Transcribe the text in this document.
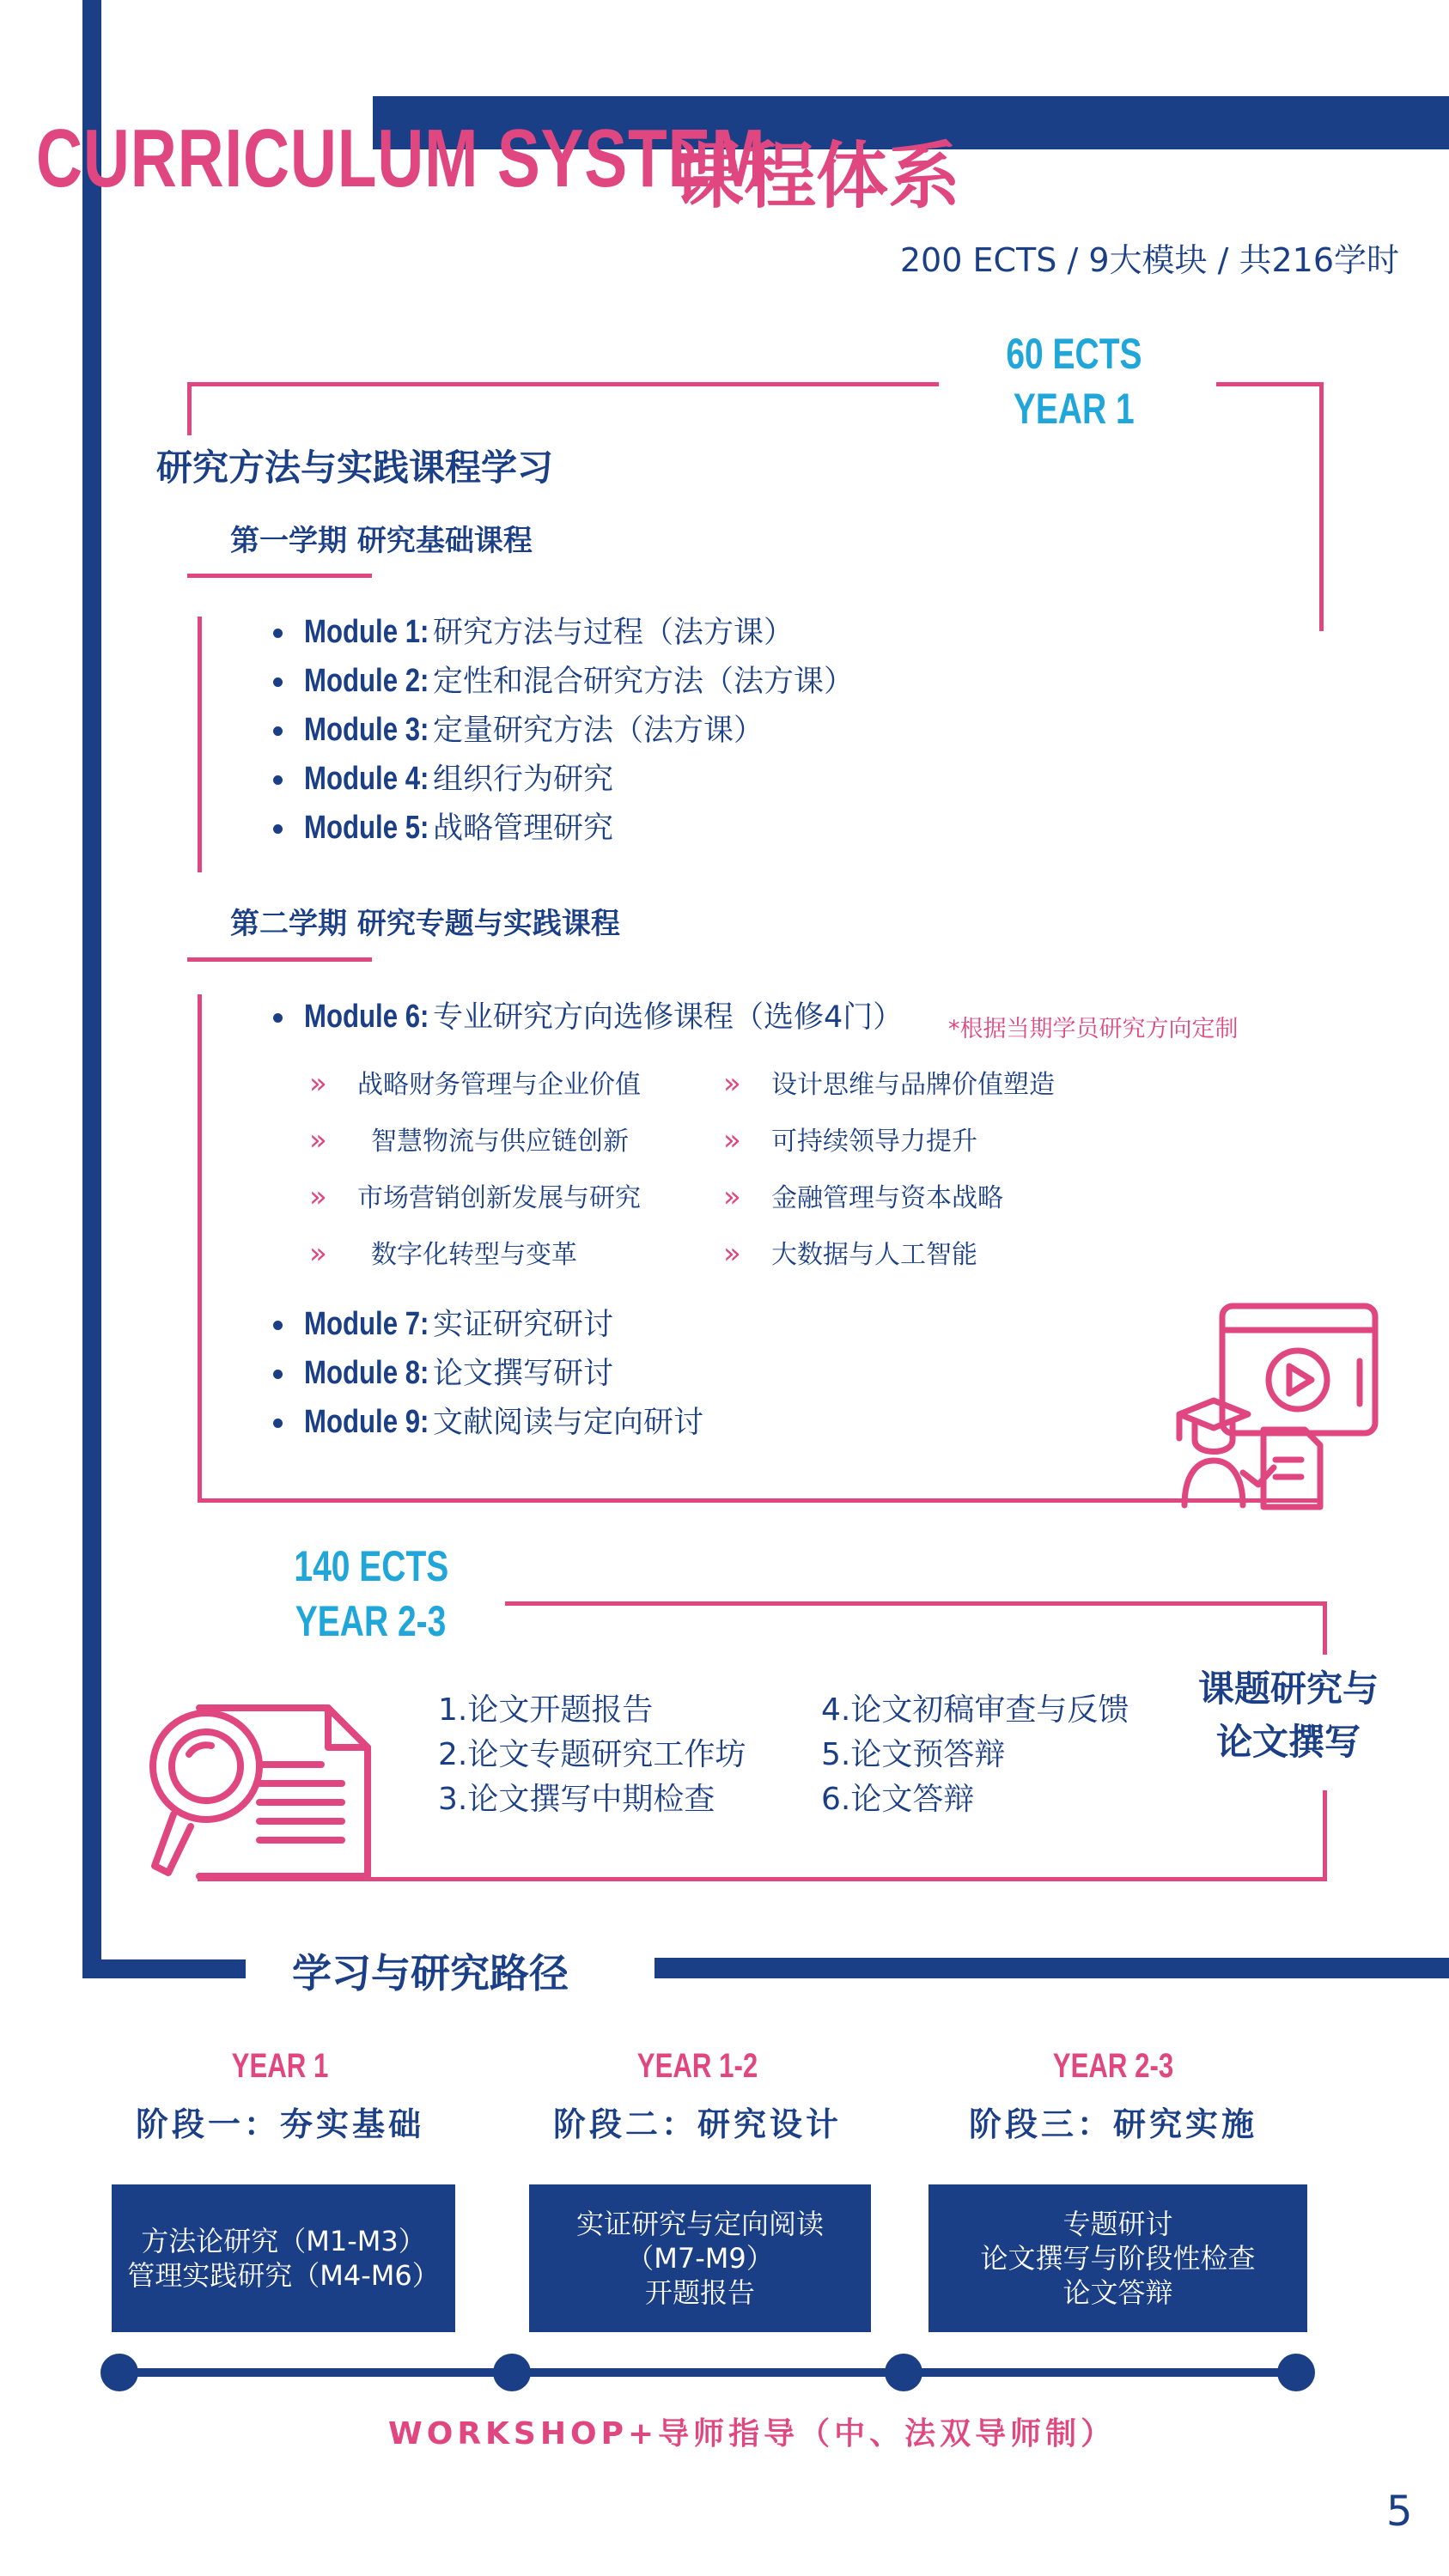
CURRICULUM SYSTEM
课程体系
200 ECTS / 9大模块 / 共216学时
60 ECTS
YEAR 1
研究方法与实践课程学习
第一学期 研究基础课程
Module 1: 研究方法与过程（法方课）
Module 2: 定性和混合研究方法（法方课）
Module 3: 定量研究方法（法方课）
Module 4: 组织行为研究
Module 5: 战略管理研究
第二学期 研究专题与实践课程
Module 6: 专业研究方向选修课程（选修4门） *根据当期学员研究方向定制
» 战略财务管理与企业价值
» 智慧物流与供应链创新
» 市场营销创新发展与研究
» 数字化转型与变革
» 设计思维与品牌价值塑造
» 可持续领导力提升
» 金融管理与资本战略
» 大数据与人工智能
Module 7: 实证研究研讨
Module 8: 论文撰写研讨
Module 9: 文献阅读与定向研讨
140 ECTS
YEAR 2-3
1.论文开题报告
2.论文专题研究工作坊
3.论文撰写中期检查
4.论文初稿审查与反馈
5.论文预答辩
6.论文答辩
课题研究与
论文撰写
学习与研究路径
YEAR 1
阶段一：夯实基础
YEAR 1-2
阶段二：研究设计
YEAR 2-3
阶段三：研究实施
方法论研究（M1-M3）
管理实践研究（M4-M6）
实证研究与定向阅读
（M7-M9）
开题报告
专题研讨
论文撰写与阶段性检查
论文答辩
WORKSHOP+导师指导（中、法双导师制）
5
